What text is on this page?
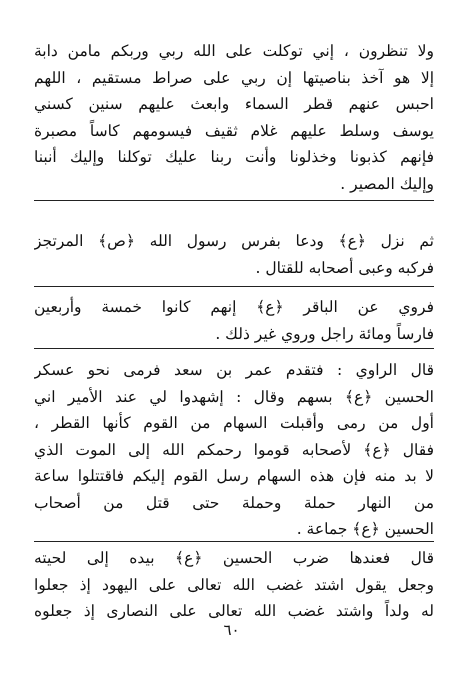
ولا تنظرون ، إني توكلت على الله ربي وربكم مامن دابة
إلا هو آخذ بناصيتها إن ربي على صراط مستقيم ، اللهم
احبس عنهم قطر السماء وابعث عليهم سنين كسني
يوسف وسلط عليهم غلام ثقيف فيسومهم كاساً مصبرة
فإنهم كذبونا وخذلونا وأنت ربنا عليك توكلنا وإليك أنبنا
وإليك المصير .
ثم نزل ﴿ع﴾ ودعا بفرس رسول الله ﴿ص﴾ المرتجز
فركبه وعبى أصحابه للقتال .
فروي عن الباقر ﴿ع﴾ إنهم كانوا خمسة وأربعين
فارساً ومائة راجل وروي غير ذلك .
قال الراوي : فتقدم عمر بن سعد فرمى نحو عسكر
الحسين ﴿ع﴾ بسهم وقال : إشهدوا لي عند الأمير اني
أول من رمى وأقبلت السهام من القوم كأنها القطر ،
فقال ﴿ع﴾ لأصحابه قوموا رحمكم الله إلى الموت الذي
لا بد منه فإن هذه السهام رسل القوم إليكم فاقتتلوا ساعة
من النهار حملة وحملة حتى قتل من أصحاب
الحسين ﴿ع﴾ جماعة .
قال فعندها ضرب الحسين ﴿ع﴾ بيده إلى لحيته
وجعل يقول اشتد غضب الله تعالى على اليهود إذ جعلوا
له ولداً واشتد غضب الله تعالى على النصارى إذ جعلوه
٦٠
